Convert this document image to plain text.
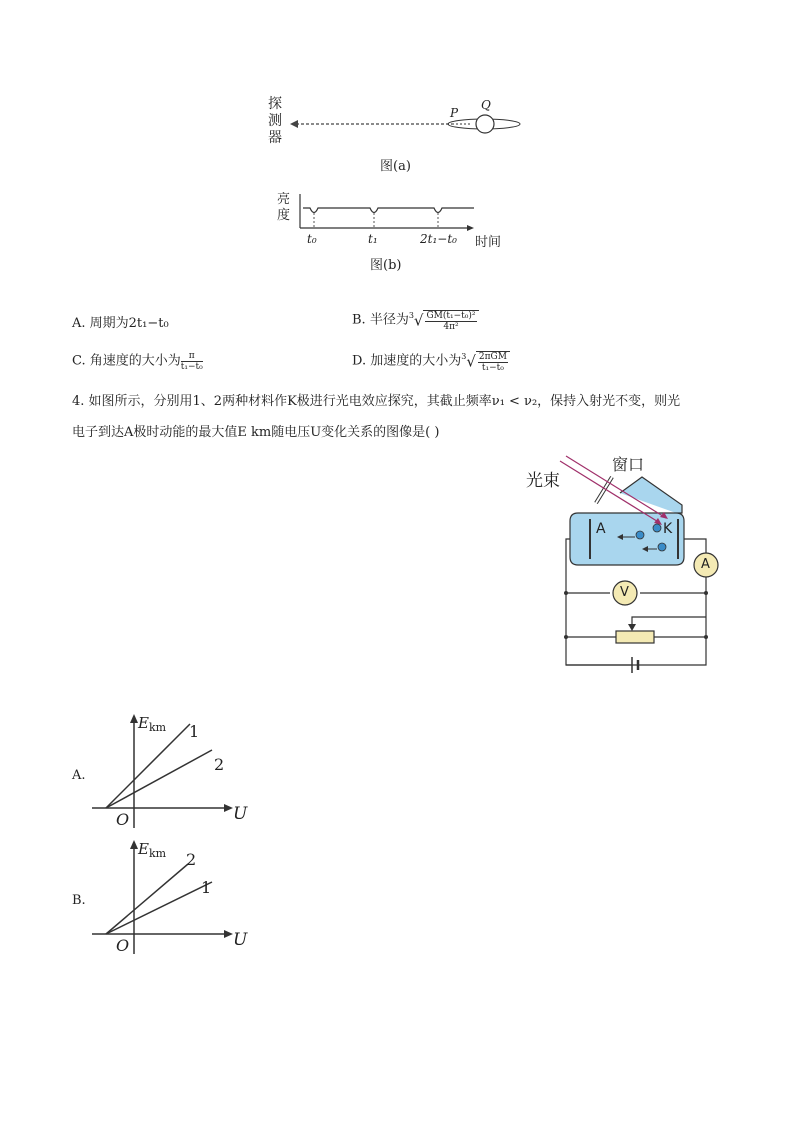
探
测
器
P
Q
图(a)
亮
度
t₀	t₁	2t₁−t₀ 时间
图(b)
A. 周期为2t₁−t₀	B. 半径为$^3√ \frac{\text{GM(t₁−t₀)²}}{\text{4π²}}$
C. 角速度的大小为 $\frac{\pi}{\text{t₁−t₀}}$	D. 加速度的大小为$^3√ \frac{\text{2πGM}}{\text{t₁−t₀}}$
4. 如图所示，分别用1、2两种材料作K极进行光电效应探究，其截止频率ν₁ < ν₂，保持入射光不变，则光
电子到达A极时动能的最大值E km随电压U变化关系的图像是( )
光束
窗口
A	K
A
V
A.
$E_{km}$ 1
2
O	U
B.
$E_{km}$ 2
1
O	U
